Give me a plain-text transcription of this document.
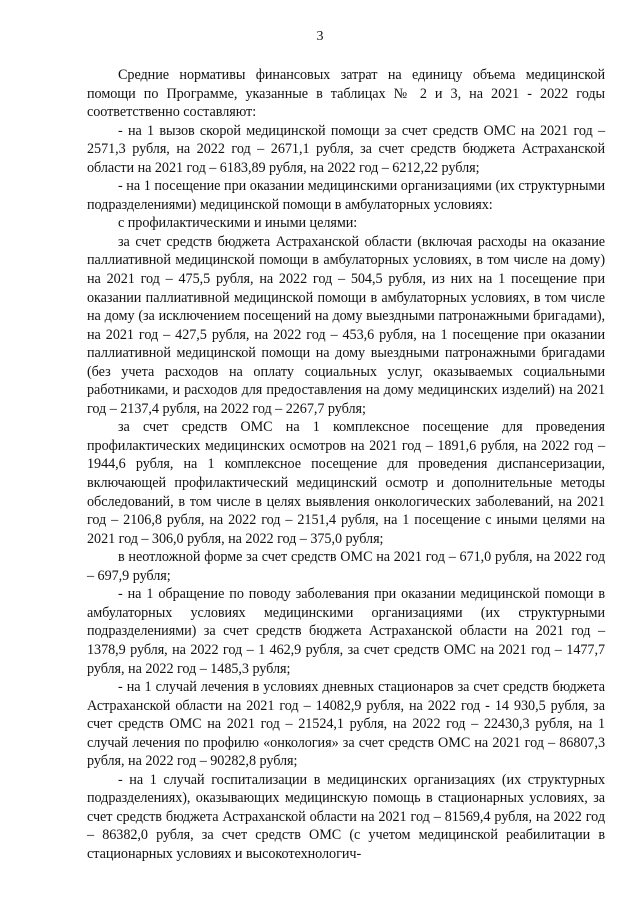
3

Средние нормативы финансовых затрат на единицу объема медицинской помощи по Программе, указанные в таблицах № 2 и 3, на 2021 - 2022 годы соответственно составляют:

- на 1 вызов скорой медицинской помощи за счет средств ОМС на 2021 год – 2571,3 рубля, на 2022 год – 2671,1 рубля, за счет средств бюджета Астраханской области на 2021 год – 6183,89 рубля, на 2022 год – 6212,22 рубля;

- на 1 посещение при оказании медицинскими организациями (их структурными подразделениями) медицинской помощи в амбулаторных условиях:

с профилактическими и иными целями:

за счет средств бюджета Астраханской области (включая расходы на оказание паллиативной медицинской помощи в амбулаторных условиях, в том числе на дому) на 2021 год – 475,5 рубля, на 2022 год – 504,5 рубля, из них на 1 посещение при оказании паллиативной медицинской помощи в амбулаторных условиях, в том числе на дому (за исключением посещений на дому выездными патронажными бригадами), на 2021 год – 427,5 рубля, на 2022 год – 453,6 рубля, на 1 посещение при оказании паллиативной медицинской помощи на дому выездными патронажными бригадами (без учета расходов на оплату социальных услуг, оказываемых социальными работниками, и расходов для предоставления на дому медицинских изделий) на 2021 год – 2137,4 рубля, на 2022 год – 2267,7 рубля;

за счет средств ОМС на 1 комплексное посещение для проведения профилактических медицинских осмотров на 2021 год – 1891,6 рубля, на 2022 год – 1944,6 рубля, на 1 комплексное посещение для проведения диспансеризации, включающей профилактический медицинский осмотр и дополнительные методы обследований, в том числе в целях выявления онкологических заболеваний, на 2021 год – 2106,8 рубля, на 2022 год – 2151,4 рубля, на 1 посещение с иными целями на 2021 год – 306,0 рубля, на 2022 год – 375,0 рубля;

в неотложной форме за счет средств ОМС на 2021 год – 671,0 рубля, на 2022 год – 697,9 рубля;

- на 1 обращение по поводу заболевания при оказании медицинской помощи в амбулаторных условиях медицинскими организациями (их структурными подразделениями) за счет средств бюджета Астраханской области на 2021 год – 1378,9 рубля, на 2022 год – 1 462,9 рубля, за счет средств ОМС на 2021 год – 1477,7 рубля, на 2022 год – 1485,3 рубля;

- на 1 случай лечения в условиях дневных стационаров за счет средств бюджета Астраханской области на 2021 год – 14082,9 рубля, на 2022 год - 14 930,5 рубля, за счет средств ОМС на 2021 год – 21524,1 рубля, на 2022 год – 22430,3 рубля, на 1 случай лечения по профилю «онкология» за счет средств ОМС на 2021 год – 86807,3 рубля, на 2022 год – 90282,8 рубля;

- на 1 случай госпитализации в медицинских организациях (их структурных подразделениях), оказывающих медицинскую помощь в стационарных условиях, за счет средств бюджета Астраханской области на 2021 год – 81569,4 рубля, на 2022 год – 86382,0 рубля, за счет средств ОМС (с учетом медицинской реабилитации в стационарных условиях и высокотехнологич-
